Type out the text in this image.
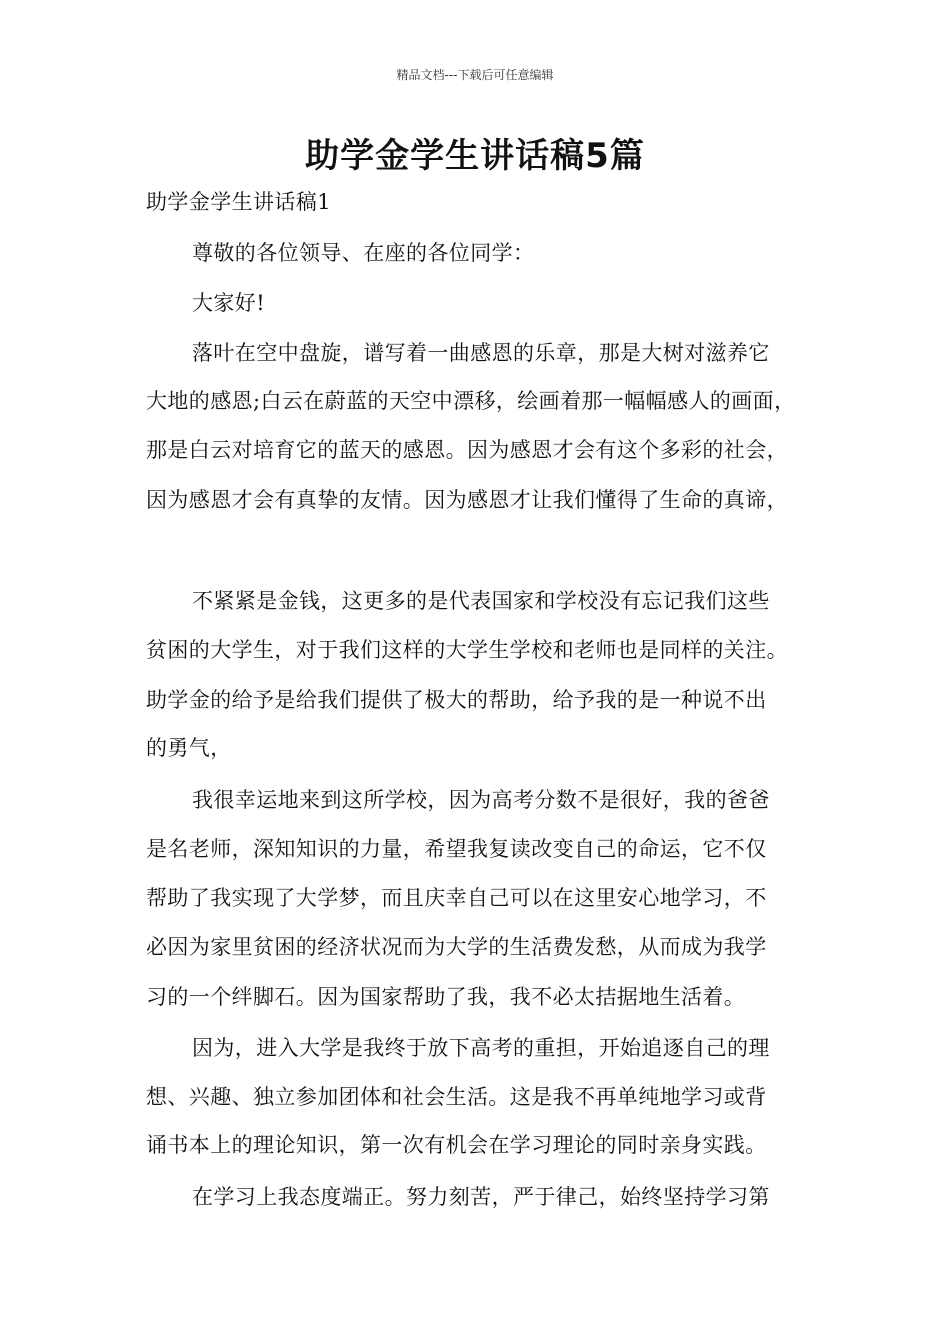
精品文档---下载后可任意编辑
助学金学生讲话稿5篇
助学金学生讲话稿1
尊敬的各位领导、在座的各位同学：
大家好!
落叶在空中盘旋，谱写着一曲感恩的乐章，那是大树对滋养它
大地的感恩;白云在蔚蓝的天空中漂移，绘画着那一幅幅感人的画面，
那是白云对培育它的蓝天的感恩。因为感恩才会有这个多彩的社会，
因为感恩才会有真挚的友情。因为感恩才让我们懂得了生命的真谛，
不紧紧是金钱，这更多的是代表国家和学校没有忘记我们这些
贫困的大学生，对于我们这样的大学生学校和老师也是同样的关注。
助学金的给予是给我们提供了极大的帮助，给予我的是一种说不出
的勇气，
我很幸运地来到这所学校，因为高考分数不是很好，我的爸爸
是名老师，深知知识的力量，希望我复读改变自己的命运，它不仅
帮助了我实现了大学梦，而且庆幸自己可以在这里安心地学习，不
必因为家里贫困的经济状况而为大学的生活费发愁，从而成为我学
习的一个绊脚石。因为国家帮助了我，我不必太拮据地生活着。
因为，进入大学是我终于放下高考的重担，开始追逐自己的理
想、兴趣、独立参加团体和社会生活。这是我不再单纯地学习或背
诵书本上的理论知识，第一次有机会在学习理论的同时亲身实践。
在学习上我态度端正。努力刻苦，严于律己，始终坚持学习第
